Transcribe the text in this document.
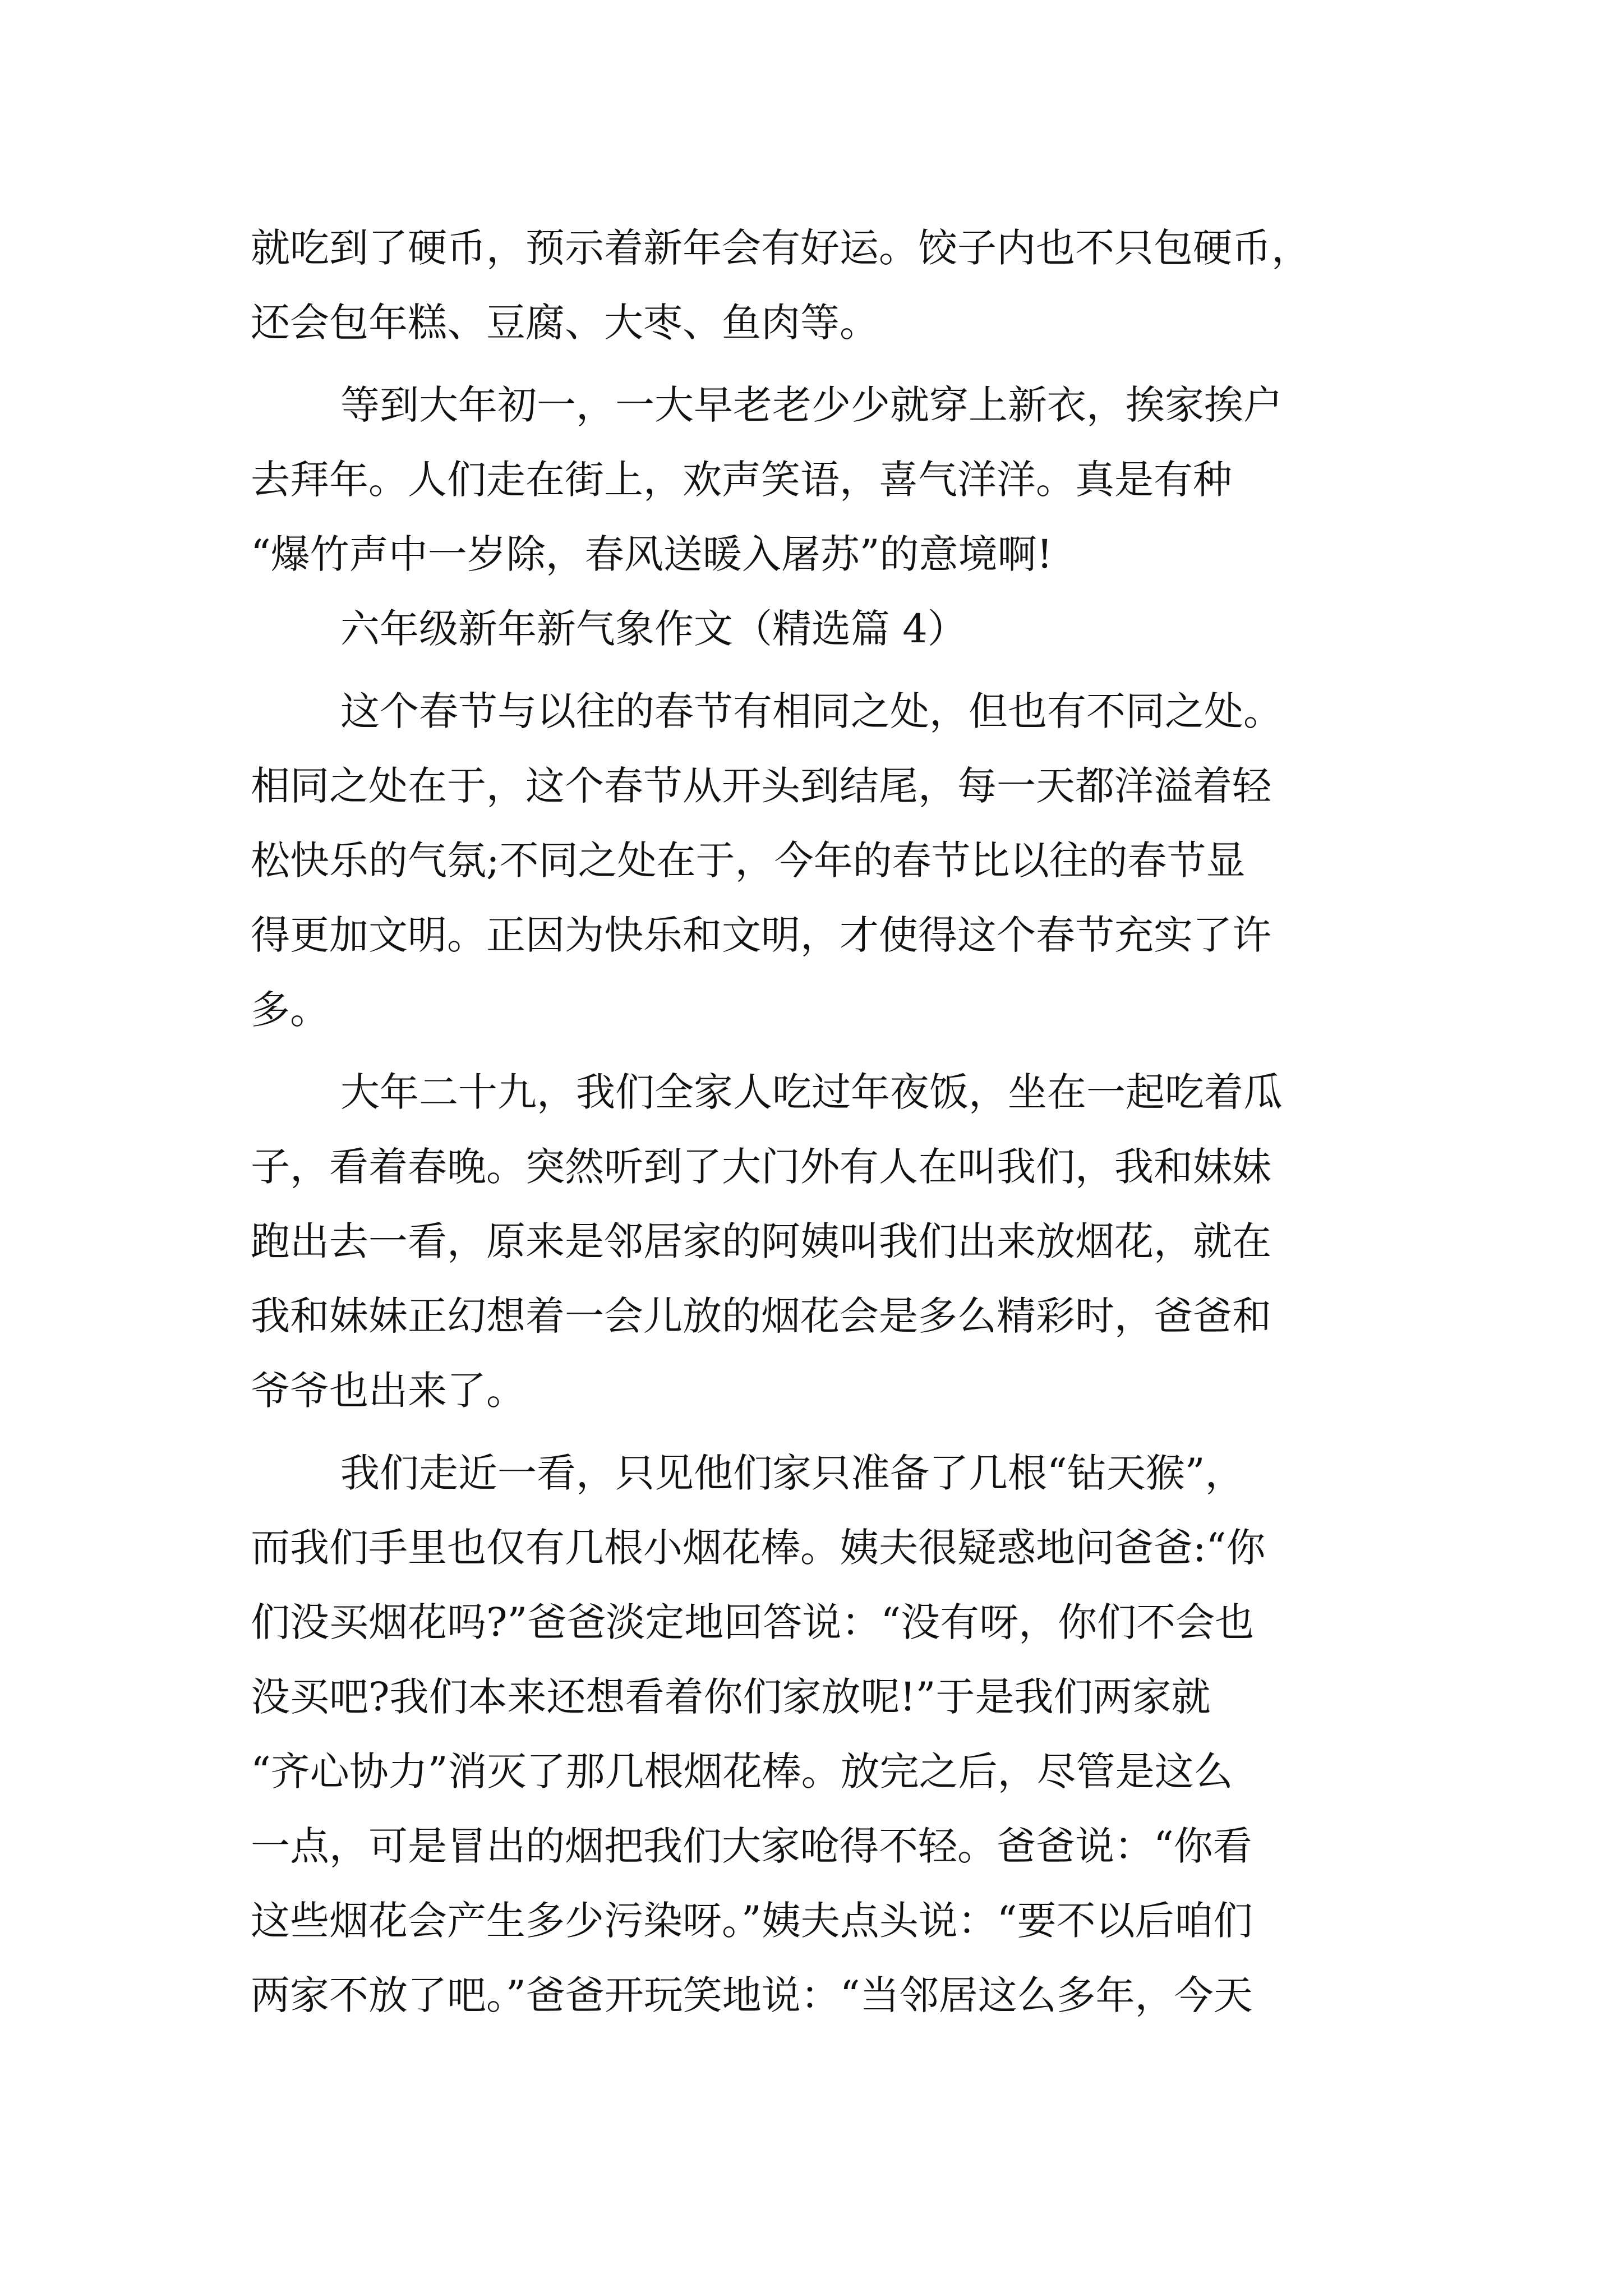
就吃到了硬币，预示着新年会有好运。饺子内也不只包硬币，
还会包年糕、豆腐、大枣、鱼肉等。
等到大年初一，一大早老老少少就穿上新衣，挨家挨户
去拜年。人们走在街上，欢声笑语，喜气洋洋。真是有种
“爆竹声中一岁除，春风送暖入屠苏”的意境啊!
六年级新年新气象作文（精选篇 4）
这个春节与以往的春节有相同之处，但也有不同之处。
相同之处在于，这个春节从开头到结尾，每一天都洋溢着轻
松快乐的气氛;不同之处在于，今年的春节比以往的春节显
得更加文明。正因为快乐和文明，才使得这个春节充实了许
多。
大年二十九，我们全家人吃过年夜饭，坐在一起吃着瓜
子，看着春晚。突然听到了大门外有人在叫我们，我和妹妹
跑出去一看，原来是邻居家的阿姨叫我们出来放烟花，就在
我和妹妹正幻想着一会儿放的烟花会是多么精彩时，爸爸和
爷爷也出来了。
我们走近一看，只见他们家只准备了几根“钻天猴”，
而我们手里也仅有几根小烟花棒。姨夫很疑惑地问爸爸:“你
们没买烟花吗?”爸爸淡定地回答说：“没有呀，你们不会也
没买吧?我们本来还想看着你们家放呢!”于是我们两家就
“齐心协力”消灭了那几根烟花棒。放完之后，尽管是这么
一点，可是冒出的烟把我们大家呛得不轻。爸爸说：“你看
这些烟花会产生多少污染呀。”姨夫点头说：“要不以后咱们
两家不放了吧。”爸爸开玩笑地说：“当邻居这么多年，今天
